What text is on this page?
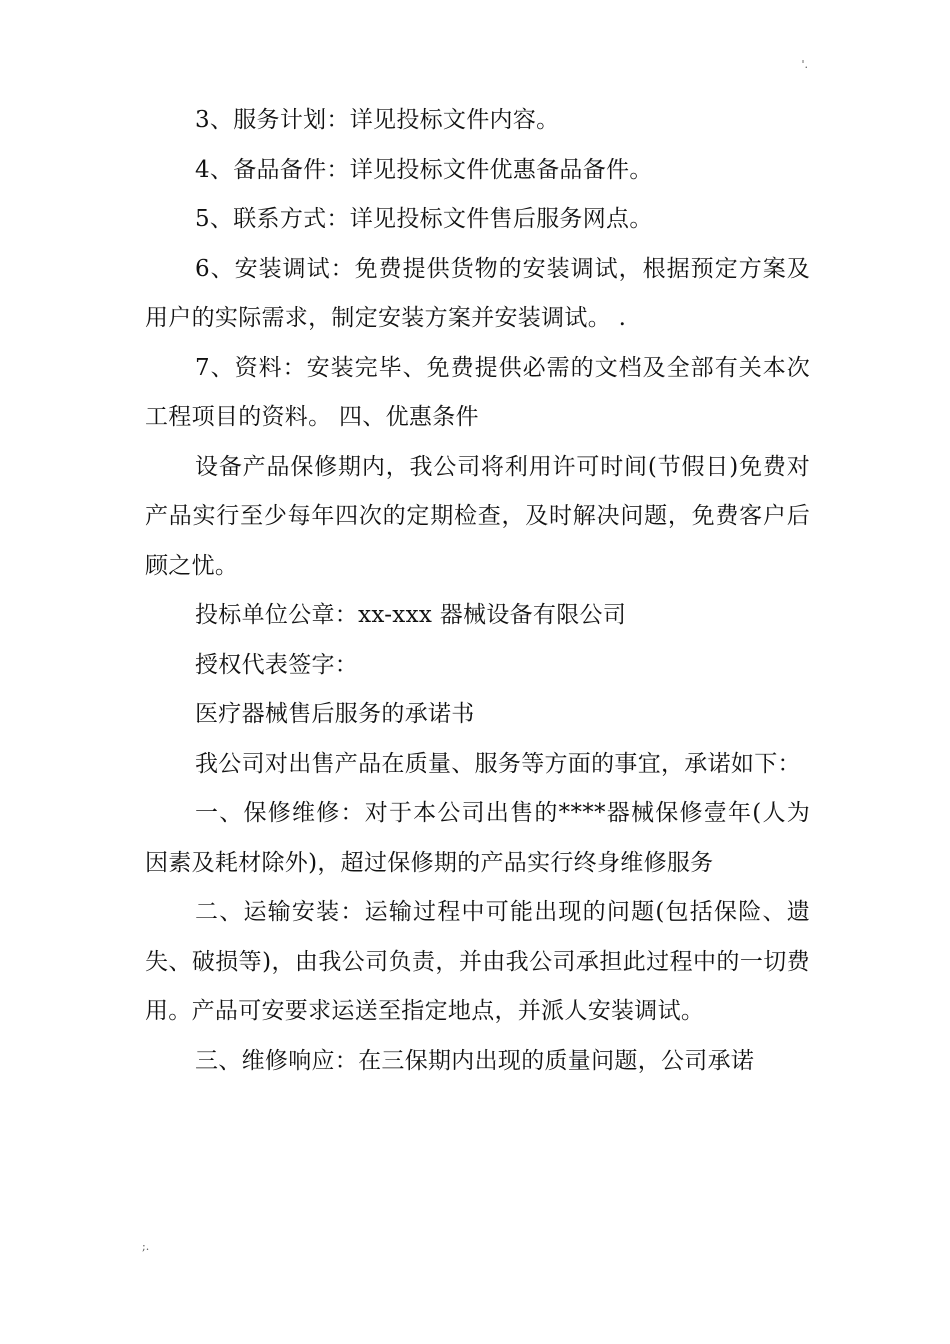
'.

3、服务计划：详见投标文件内容。

4、备品备件：详见投标文件优惠备品备件。

5、联系方式：详见投标文件售后服务网点。

6、安装调试：免费提供货物的安装调试，根据预定方案及用户的实际需求，制定安装方案并安装调试。 .

7、资料：安装完毕、免费提供必需的文档及全部有关本次工程项目的资料。 四、优惠条件

设备产品保修期内，我公司将利用许可时间(节假日)免费对产品实行至少每年四次的定期检查，及时解决问题，免费客户后顾之忧。

投标单位公章：xx-xxx 器械设备有限公司

授权代表签字：

医疗器械售后服务的承诺书

我公司对出售产品在质量、服务等方面的事宜，承诺如下：

一、保修维修：对于本公司出售的****器械保修壹年(人为因素及耗材除外)，超过保修期的产品实行终身维修服务

二、运输安装：运输过程中可能出现的问题(包括保险、遗失、破损等)，由我公司负责，并由我公司承担此过程中的一切费用。产品可安要求运送至指定地点，并派人安装调试。

三、维修响应：在三保期内出现的质量问题，公司承诺

;.
